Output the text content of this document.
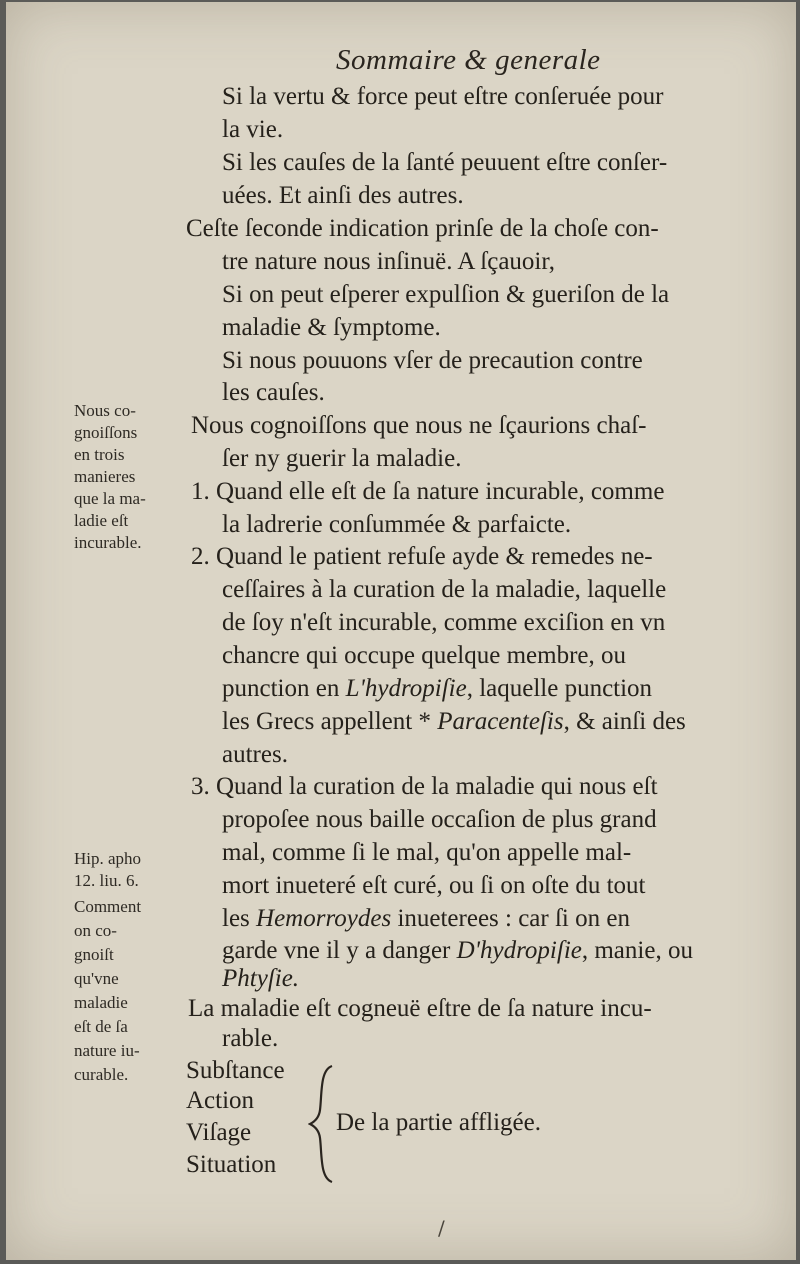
Sommaire & generale
Si la vertu & force peut eſtre conſeruée pour
la vie.
Si les cauſes de la ſanté peuuent eſtre conſer-
uées. Et ainſi des autres.
Ceſte ſeconde indication prinſe de la choſe con-
tre nature nous inſinuë. A ſçauoir,
Si on peut eſperer expulſion & gueriſon de la
maladie & ſymptome.
Si nous pouuons vſer de precaution contre
les cauſes.
Nous cognoiſſons que nous ne ſçaurions chaſ-
ſer ny guerir la maladie.
1. Quand elle eſt de ſa nature incurable, comme
la ladrerie conſummée & parfaicte.
2. Quand le patient refuſe ayde & remedes ne-
ceſſaires à la curation de la maladie, laquelle
de ſoy n'eſt incurable, comme exciſion en vn
chancre qui occupe quelque membre, ou
punction en L'hydropiſie, laquelle punction
les Grecs appellent * Paracenteſis, & ainſi des
autres.
3. Quand la curation de la maladie qui nous eſt
propoſee nous baille occaſion de plus grand
mal, comme ſi le mal, qu'on appelle mal-
mort inueteré eſt curé, ou ſi on oſte du tout
les Hemorroydes inueterees : car ſi on en
garde vne il y a danger D'hydropiſie, manie, ou
Phtyſie.
La maladie eſt cogneuë eſtre de ſa nature incu-
rable.
Subſtance
Action
Viſage
Situation
De la partie affligée.
Nous co-
gnoiſſons
en trois
manieres
que la ma-
ladie eſt
incurable.
Hip. apho
12. liu. 6.
Comment
on co-
gnoiſt
qu'vne
maladie
eſt de ſa
nature iu-
curable.
/
